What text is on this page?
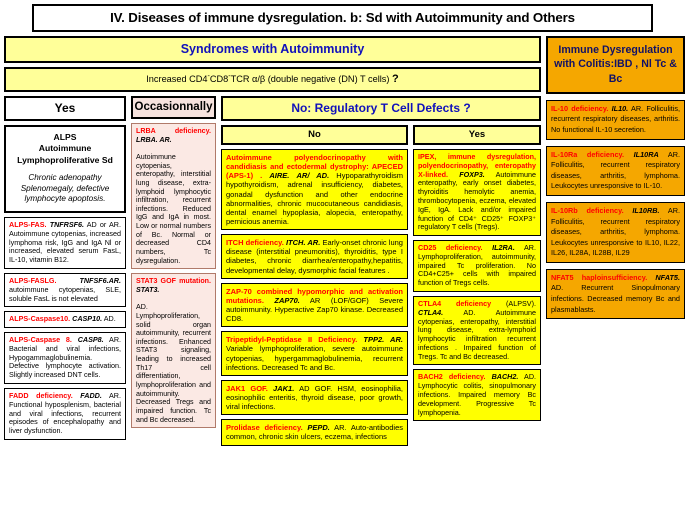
IV. Diseases of immune dysregulation. b: Sd with Autoimmunity and Others
Syndromes with Autoimmunity
Increased CD4-CD8-TCR α/β (double negative (DN) T cells) ?
Yes
ALPS
Autoimmune
Lymphoproliferative Sd
Chronic adenopathy Splenomegaly, defective lymphocyte apoptosis.
ALPS-FAS. TNFRSF6. AD or AR. Autoimmune cytopenias, increased lymphoma risk, IgG and IgA Nl or increased, elevated serum FasL, IL-10, vitamin B12.
ALPS-FASLG.	TNFSF6.AR. autoimmune cytopenias, SLE, soluble FasL is not elevated
ALPS-Caspase10. CASP10. AD.
ALPS-Caspase 8. CASP8. AR. Bacterial and viral infections, Hypogammaglobulinemia. Defective lymphocyte activation. Slightly increased DNT cells.
FADD deficiency. FADD. AR. Functional hyposplenism, bacterial and viral infections, recurrent episodes of encephalopathy and liver dysfunction.
Occasionnally
LRBA deficiency. LRBA. AR.

Autoimmune cytopenias, enteropathy, interstitial lung disease, extra-lymphoid lymphocytic infiltration, recurrent infections. Reduced IgG and IgA in most. Low or normal numbers of Bc. Normal or decreased CD4 numbers, Tc dysregulation.
STAT3 GOF mutation. STAT3.

AD. Lymphoproliferation, solid organ autoimmunity, recurrent infections. Enhanced STAT3 signaling, leading to increased Th17 cell differentiation, lymphoproliferation and autoimmunity. Decreased Tregs and impaired function. Tc and Bc decreased.
No: Regulatory T Cell Defects ?
No
Autoimmune polyendocrinopathy with candidiasis and ectodermal dystrophy: APECED (APS-1) . AIRE. AR/ AD. Hypoparathyroidism hypothyroidism, adrenal insufficiency, diabetes, gonadal dysfunction and other endocrine abnormalities, chronic mucocutaneous candidiasis, dental enamel hypoplasia, alopecia, enteropathy, pernicious anemia.
ITCH deficiency. ITCH. AR. Early-onset chronic lung disease (interstitial pneumonitis), thyroiditis, type I diabetes, chronic diarrhea/enteropathy,hepatitis, developmental delay, dysmorphic facial features .
ZAP-70 combined hypomorphic and activation mutations. ZAP70. AR (LOF/GOF) Severe autoimmunity. Hyperactive Zap70 kinase. Decreased CD8.
Tripeptidyl-Peptidase II Deficiency. TPP2. AR. Variable lymphoproliferation, severe autoimmune cytopenias, hypergammaglobulinemia, recurrent infections. Decreased Tc and Bc.
JAK1 GOF. JAK1. AD GOF. HSM, eosinophilia, eosinophilic enteritis, thyroid disease, poor growth, viral infections.
Prolidase deficiency. PEPD. AR. Auto-antibodies common, chronic skin ulcers, eczema, infections
Yes
IPEX, immune dysregulation, polyendocrinopathy, enteropathy X-linked. FOXP3. Autoimmune enteropathy, early onset diabetes, thyroiditis hemolytic anemia, thrombocytopenia, eczema, elevated IgE, IgA. Lack and/or impaired function of CD4⁺ CD25⁺ FOXP3⁺ regulatory T cells (Tregs).
CD25 deficiency. IL2RA. AR. Lymphoproliferation, autoimmunity, impaired Tc proliferation. No CD4+C25+ cells with impaired function of Tregs cells.
CTLA4 deficiency (ALPSV). CTLA4.	AD. Autoimmune cytopenias, enteropathy, interstitial lung disease, extra-lymphoid lymphocytic infiltration recurrent infections . Impaired function of Tregs. Tc and Bc decreased.
BACH2 deficiency. BACH2. AD. Lymphocytic colitis, sinopulmonary infections. Impaired memory Bc development. Progressive Tc lymphopenia.
Immune Dysregulation with Colitis:IBD , Nl Tc & Bc
IL-10 deficiency. IL10. AR. Folliculitis, recurrent respiratory diseases, arthritis. No functional IL-10 secretion.
IL-10Ra deficiency. IL10RA AR. Folliculitis, recurrent respiratory diseases, arthritis, lymphoma. Leukocytes unresponsive to IL-10.
IL-10Rb deficiency. IL10RB. AR. Folliculitis, recurrent respiratory diseases, arthritis, lymphoma. Leukocytes unresponsive to IL10, IL22, IL26, IL28A, IL28B, IL29
NFAT5 haploinsufficiency. NFAT5. AD. Recurrent Sinopulmonary infections. Decreased memory Bc and plasmablasts.
